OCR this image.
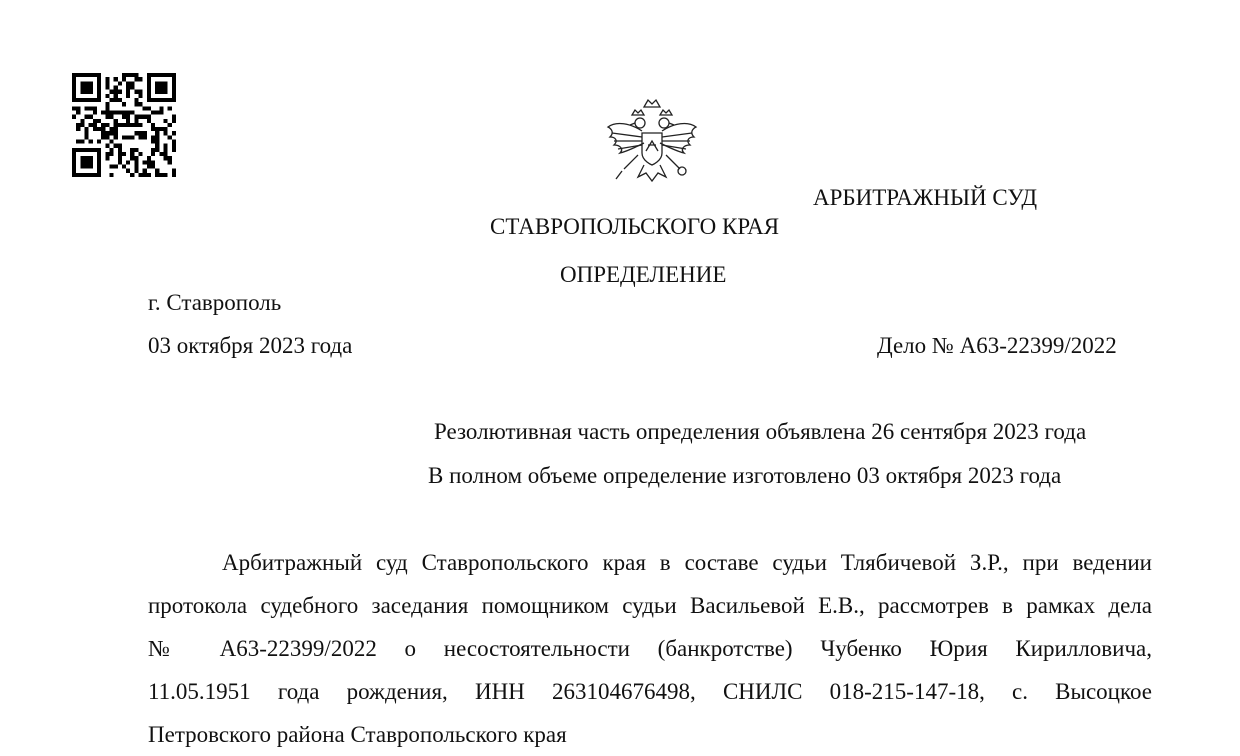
АРБИТРАЖНЫЙ СУД
СТАВРОПОЛЬСКОГО КРАЯ
ОПРЕДЕЛЕНИЕ
г. Ставрополь
03 октября 2023 года	Дело № А63-22399/2022
Резолютивная часть определения объявлена 26 сентября 2023 года
В полном объеме определение изготовлено 03 октября 2023 года
Арбитражный суд Ставропольского края в составе судьи Тлябичевой З.Р., при ведении
протокола судебного заседания помощником судьи Васильевой Е.В., рассмотрев в рамках дела
№ А63-22399/2022 о несостоятельности (банкротстве) Чубенко Юрия Кирилловича,
11.05.1951 года рождения, ИНН 263104676498, СНИЛС 018-215-147-18, с. Высоцкое
Петровского района Ставропольского края
